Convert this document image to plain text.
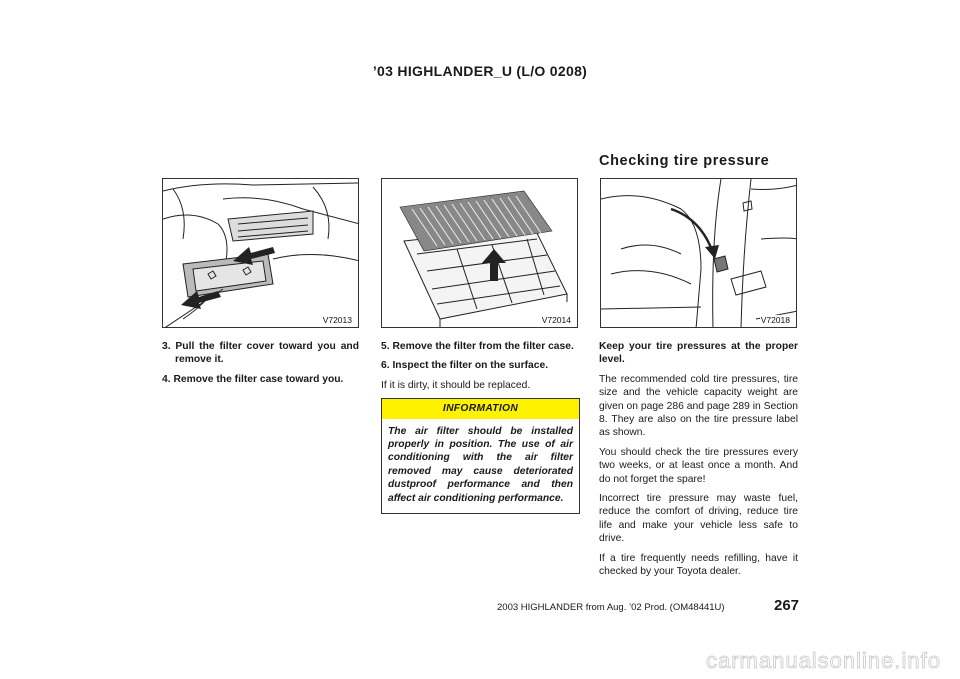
’03 HIGHLANDER_U (L/O 0208)
Checking tire pressure
V72013	V72014	V72018

3. Pull the filter cover toward you and remove it.

4. Remove the filter case toward you.

5. Remove the filter from the filter case.

6. Inspect the filter on the surface.

If it is dirty, it should be replaced.

INFORMATION
The air filter should be installed properly in position. The use of air conditioning with the air filter removed may cause deteriorated dustproof performance and then affect air conditioning performance.

Keep your tire pressures at the proper level.

The recommended cold tire pressures, tire size and the vehicle capacity weight are given on page 286 and page 289 in Section 8. They are also on the tire pressure label as shown.

You should check the tire pressures every two weeks, or at least once a month. And do not forget the spare!

Incorrect tire pressure may waste fuel, reduce the comfort of driving, reduce tire life and make your vehicle less safe to drive.

If a tire frequently needs refilling, have it checked by your Toyota dealer.

2003 HIGHLANDER from Aug. ’02 Prod. (OM48441U)	267
carmanualsonline.info
